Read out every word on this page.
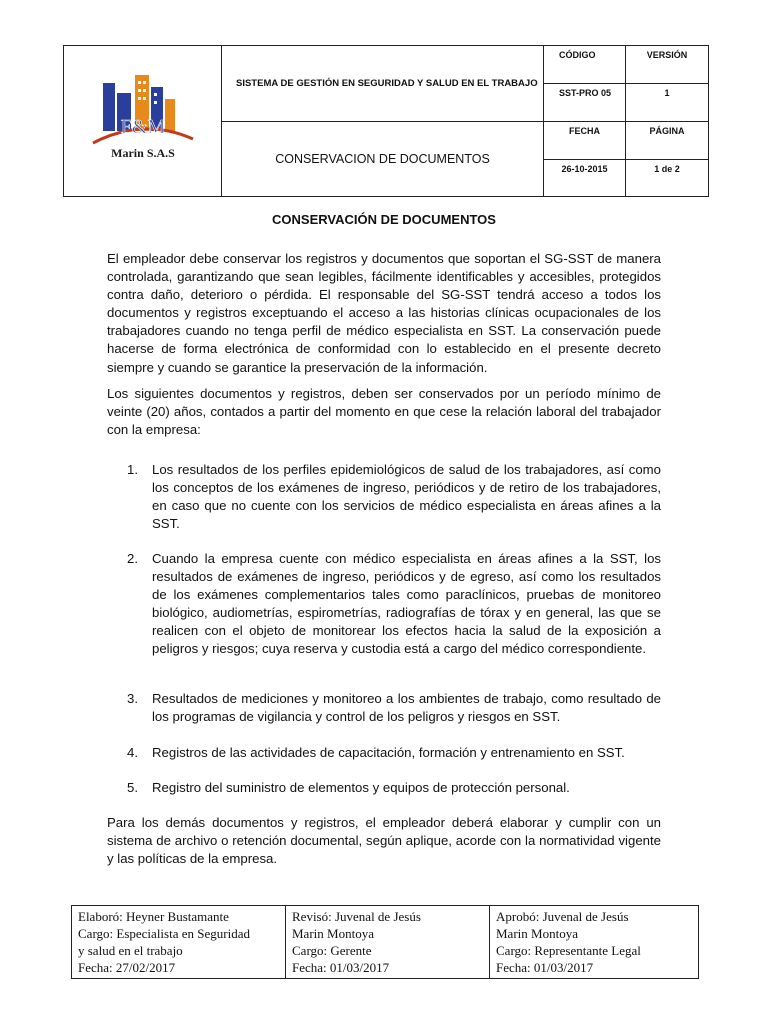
F&M
Marin S.A.S	SISTEMA DE GESTIÓN EN SEGURIDAD Y SALUD EN EL TRABAJO	CÓDIGO	VERSIÓN
		SST-PRO 05	1
	CONSERVACION DE DOCUMENTOS	FECHA	PÁGINA
		26-10-2015	1 de 2
CONSERVACIÓN DE DOCUMENTOS

El empleador debe conservar los registros y documentos que soportan el SG-SST de manera controlada, garantizando que sean legibles, fácilmente identificables y accesibles, protegidos contra daño, deterioro o pérdida. El responsable del SG-SST tendrá acceso a todos los documentos y registros exceptuando el acceso a las historias clínicas ocupacionales de los trabajadores cuando no tenga perfil de médico especialista en SST. La conservación puede hacerse de forma electrónica de conformidad con lo establecido en el presente decreto siempre y cuando se garantice la preservación de la información.

Los siguientes documentos y registros, deben ser conservados por un período mínimo de veinte (20) años, contados a partir del momento en que cese la relación laboral del trabajador con la empresa:

1. Los resultados de los perfiles epidemiológicos de salud de los trabajadores, así como los conceptos de los exámenes de ingreso, periódicos y de retiro de los trabajadores, en caso que no cuente con los servicios de médico especialista en áreas afines a la SST.
2. Cuando la empresa cuente con médico especialista en áreas afines a la SST, los resultados de exámenes de ingreso, periódicos y de egreso, así como los resultados de los exámenes complementarios tales como paraclínicos, pruebas de monitoreo biológico, audiometrías, espirometrías, radiografías de tórax y en general, las que se realicen con el objeto de monitorear los efectos hacia la salud de la exposición a peligros y riesgos; cuya reserva y custodia está a cargo del médico correspondiente.
3. Resultados de mediciones y monitoreo a los ambientes de trabajo, como resultado de los programas de vigilancia y control de los peligros y riesgos en SST.
4. Registros de las actividades de capacitación, formación y entrenamiento en SST.
5. Registro del suministro de elementos y equipos de protección personal.

Para los demás documentos y registros, el empleador deberá elaborar y cumplir con un sistema de archivo o retención documental, según aplique, acorde con la normatividad vigente y las políticas de la empresa.

Elaboró: Heyner Bustamante
Cargo: Especialista en Seguridad
y salud en el trabajo
Fecha: 27/02/2017

Revisó: Juvenal de Jesús
Marin Montoya
Cargo: Gerente
Fecha: 01/03/2017

Aprobó: Juvenal de Jesús
Marin Montoya
Cargo: Representante Legal
Fecha: 01/03/2017
